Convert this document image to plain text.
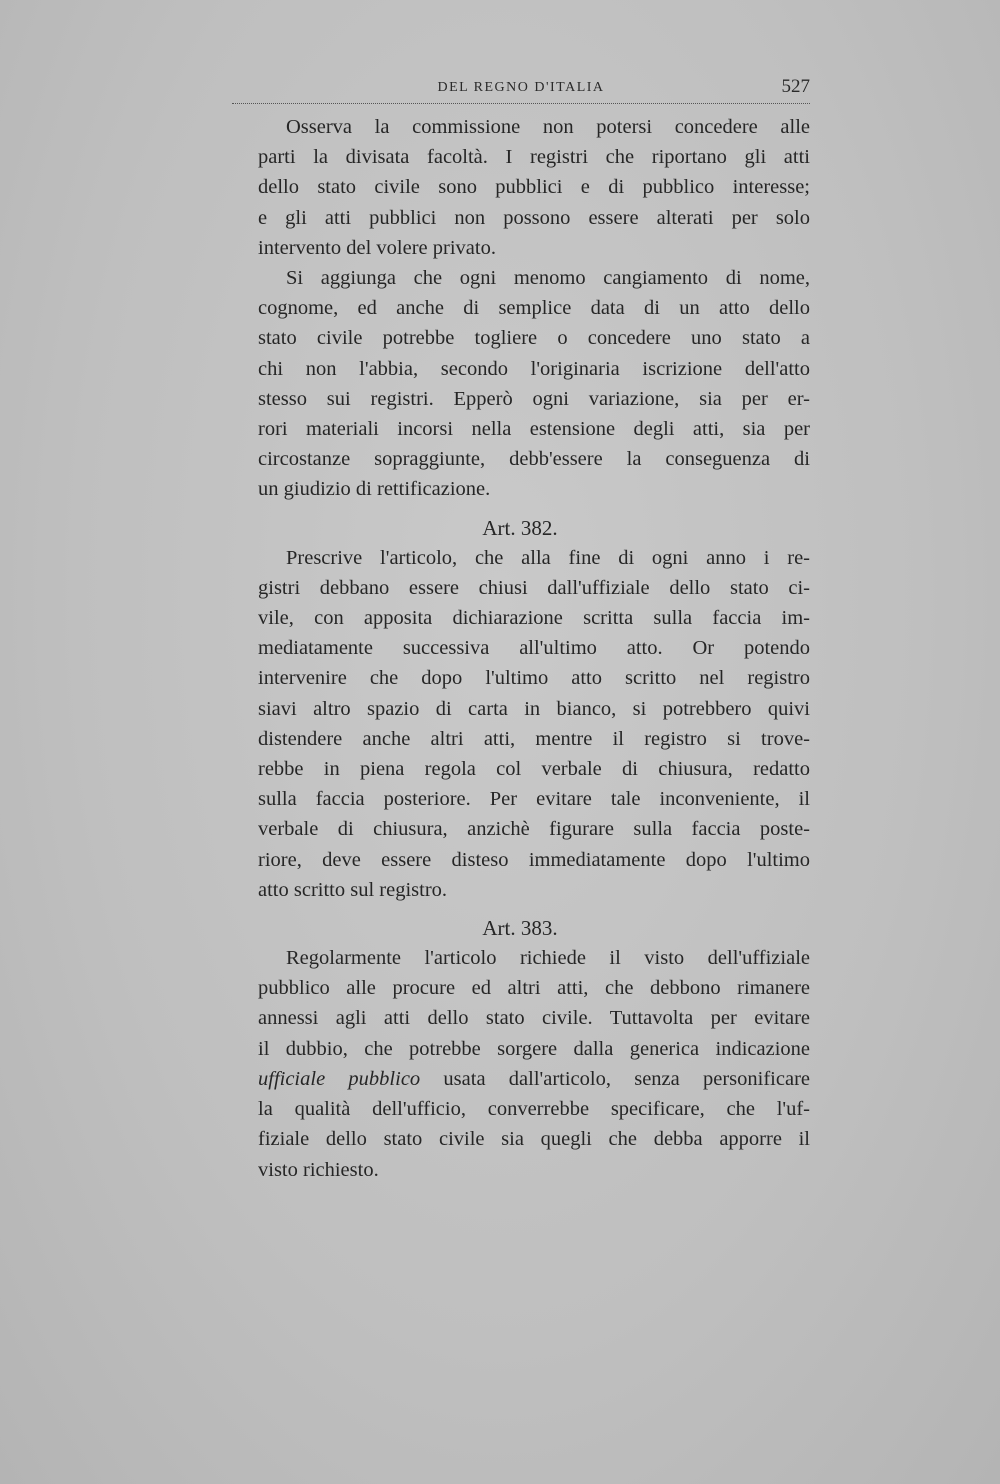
DEL REGNO D'ITALIA	527

Osserva la commissione non potersi concedere alle
parti la divisata facoltà. I registri che riportano gli atti
dello stato civile sono pubblici e di pubblico interesse;
e gli atti pubblici non possono essere alterati per solo
intervento del volere privato.

Si aggiunga che ogni menomo cangiamento di nome,
cognome, ed anche di semplice data di un atto dello
stato civile potrebbe togliere o concedere uno stato a
chi non l'abbia, secondo l'originaria iscrizione dell'atto
stesso sui registri. Epperò ogni variazione, sia per er-
rori materiali incorsi nella estensione degli atti, sia per
circostanze sopraggiunte, debb'essere la conseguenza di
un giudizio di rettificazione.

Art. 382.

Prescrive l'articolo, che alla fine di ogni anno i re-
gistri debbano essere chiusi dall'uffiziale dello stato ci-
vile, con apposita dichiarazione scritta sulla faccia im-
mediatamente successiva all'ultimo atto. Or potendo
intervenire che dopo l'ultimo atto scritto nel registro
siavi altro spazio di carta in bianco, si potrebbero quivi
distendere anche altri atti, mentre il registro si trove-
rebbe in piena regola col verbale di chiusura, redatto
sulla faccia posteriore. Per evitare tale inconveniente, il
verbale di chiusura, anzichè figurare sulla faccia poste-
riore, deve essere disteso immediatamente dopo l'ultimo
atto scritto sul registro.

Art. 383.

Regolarmente l'articolo richiede il visto dell'uffiziale
pubblico alle procure ed altri atti, che debbono rimanere
annessi agli atti dello stato civile. Tuttavolta per evitare
il dubbio, che potrebbe sorgere dalla generica indicazione
ufficiale pubblico usata dall'articolo, senza personificare
la qualità dell'ufficio, converrebbe specificare, che l'uf-
fiziale dello stato civile sia quegli che debba apporre il
visto richiesto.
